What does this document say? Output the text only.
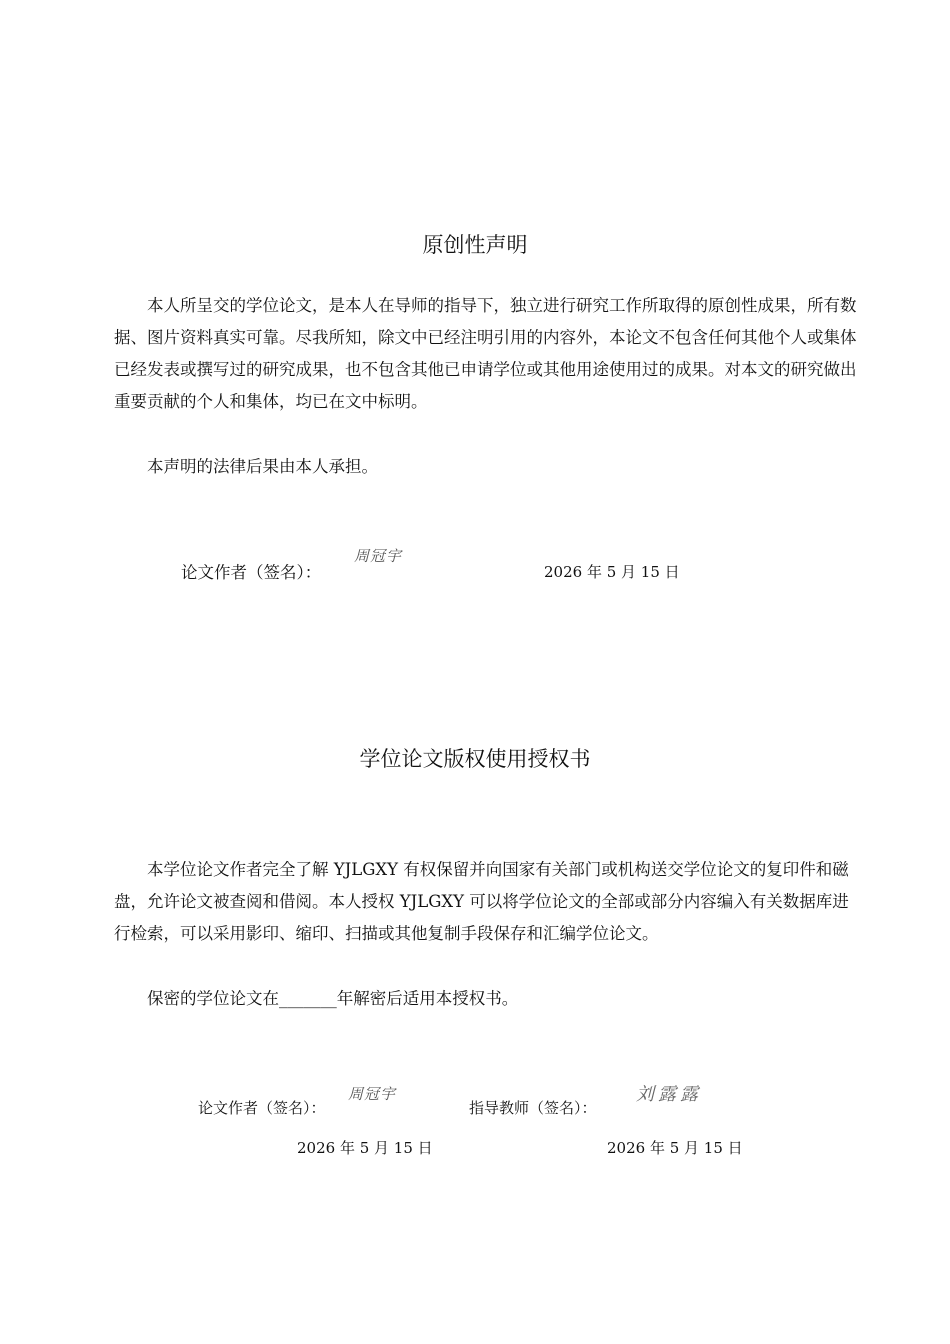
原创性声明

本人所呈交的学位论文，是本人在导师的指导下，独立进行研究工作所取得的原创性成果，所有数据、图片资料真实可靠。尽我所知，除文中已经注明引用的内容外，本论文不包含任何其他个人或集体已经发表或撰写过的研究成果，也不包含其他已申请学位或其他用途使用过的成果。对本文的研究做出重要贡献的个人和集体，均已在文中标明。

本声明的法律后果由本人承担。

论文作者（签名）：
周冠宇
2026 年 5 月 15 日
学位论文版权使用授权书

本学位论文作者完全了解 YJLGXY 有权保留并向国家有关部门或机构送交学位论文的复印件和磁盘，允许论文被查阅和借阅。本人授权 YJLGXY 可以将学位论文的全部或部分内容编入有关数据库进行检索，可以采用影印、缩印、扫描或其他复制手段保存和汇编学位论文。

保密的学位论文在_______年解密后适用本授权书。

论文作者（签名）：
周冠宇
指导教师（签名）：
刘露露
2026 年 5 月 15 日	2026 年 5 月 15 日
